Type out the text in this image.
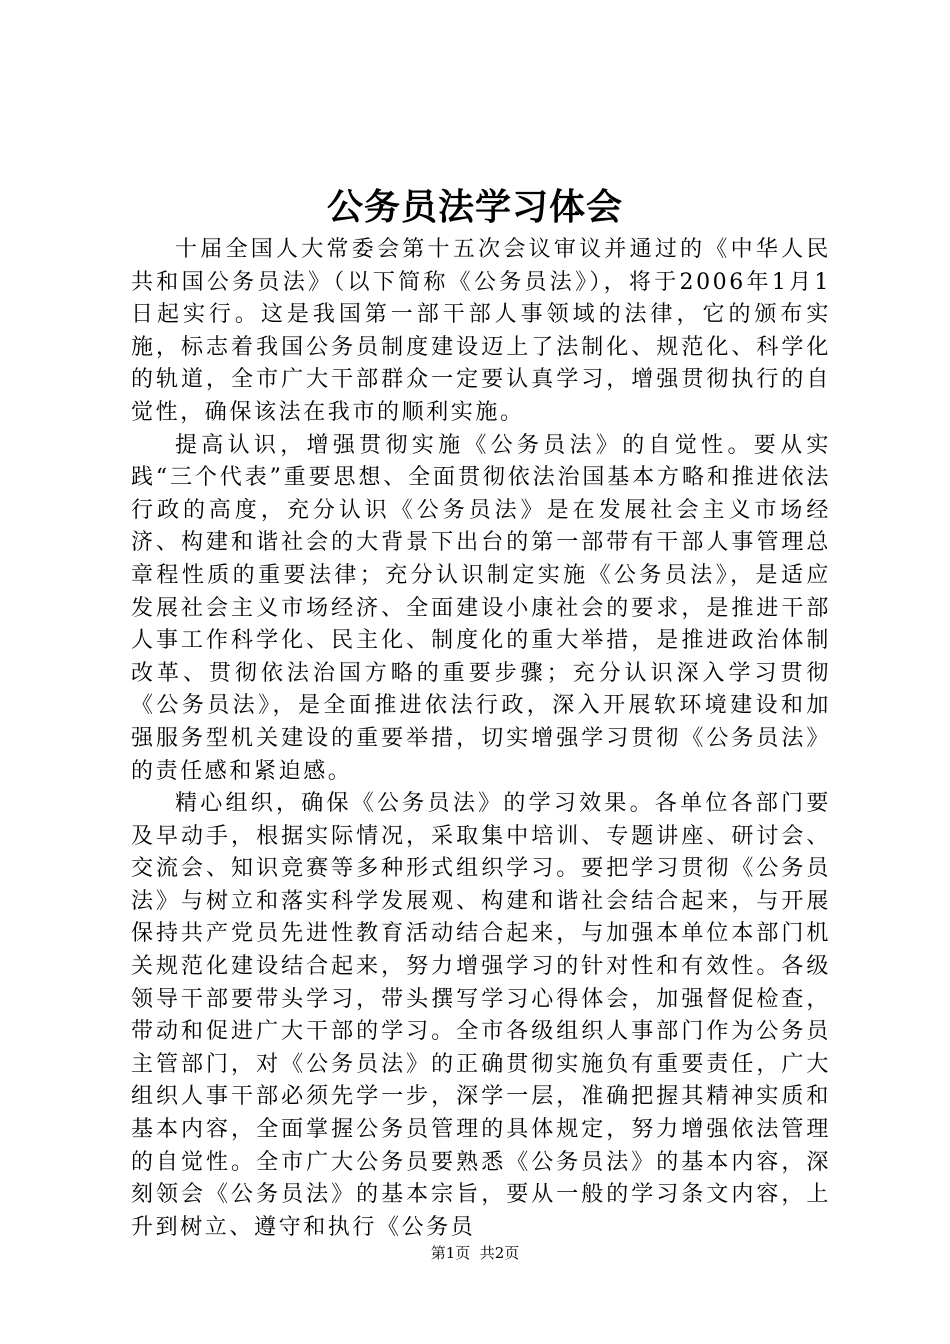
公务员法学习体会

十届全国人大常委会第十五次会议审议并通过的《中华人民共和国公务员法》（以下简称《公务员法》），将于2006年1月1日起实行。这是我国第一部干部人事领域的法律，它的颁布实施，标志着我国公务员制度建设迈上了法制化、规范化、科学化的轨道，全市广大干部群众一定要认真学习，增强贯彻执行的自觉性，确保该法在我市的顺利实施。

提高认识，增强贯彻实施《公务员法》的自觉性。要从实践“三个代表”重要思想、全面贯彻依法治国基本方略和推进依法行政的高度，充分认识《公务员法》是在发展社会主义市场经济、构建和谐社会的大背景下出台的第一部带有干部人事管理总章程性质的重要法律；充分认识制定实施《公务员法》，是适应发展社会主义市场经济、全面建设小康社会的要求，是推进干部人事工作科学化、民主化、制度化的重大举措，是推进政治体制改革、贯彻依法治国方略的重要步骤；充分认识深入学习贯彻《公务员法》，是全面推进依法行政，深入开展软环境建设和加强服务型机关建设的重要举措，切实增强学习贯彻《公务员法》的责任感和紧迫感。

精心组织，确保《公务员法》的学习效果。各单位各部门要及早动手，根据实际情况，采取集中培训、专题讲座、研讨会、交流会、知识竞赛等多种形式组织学习。要把学习贯彻《公务员法》与树立和落实科学发展观、构建和谐社会结合起来，与开展保持共产党员先进性教育活动结合起来，与加强本单位本部门机关规范化建设结合起来，努力增强学习的针对性和有效性。各级领导干部要带头学习，带头撰写学习心得体会，加强督促检查，带动和促进广大干部的学习。全市各级组织人事部门作为公务员主管部门，对《公务员法》的正确贯彻实施负有重要责任，广大组织人事干部必须先学一步，深学一层，准确把握其精神实质和基本内容，全面掌握公务员管理的具体规定，努力增强依法管理的自觉性。全市广大公务员要熟悉《公务员法》的基本内容，深刻领会《公务员法》的基本宗旨，要从一般的学习条文内容，上升到树立、遵守和执行《公务员

第1页  共2页
